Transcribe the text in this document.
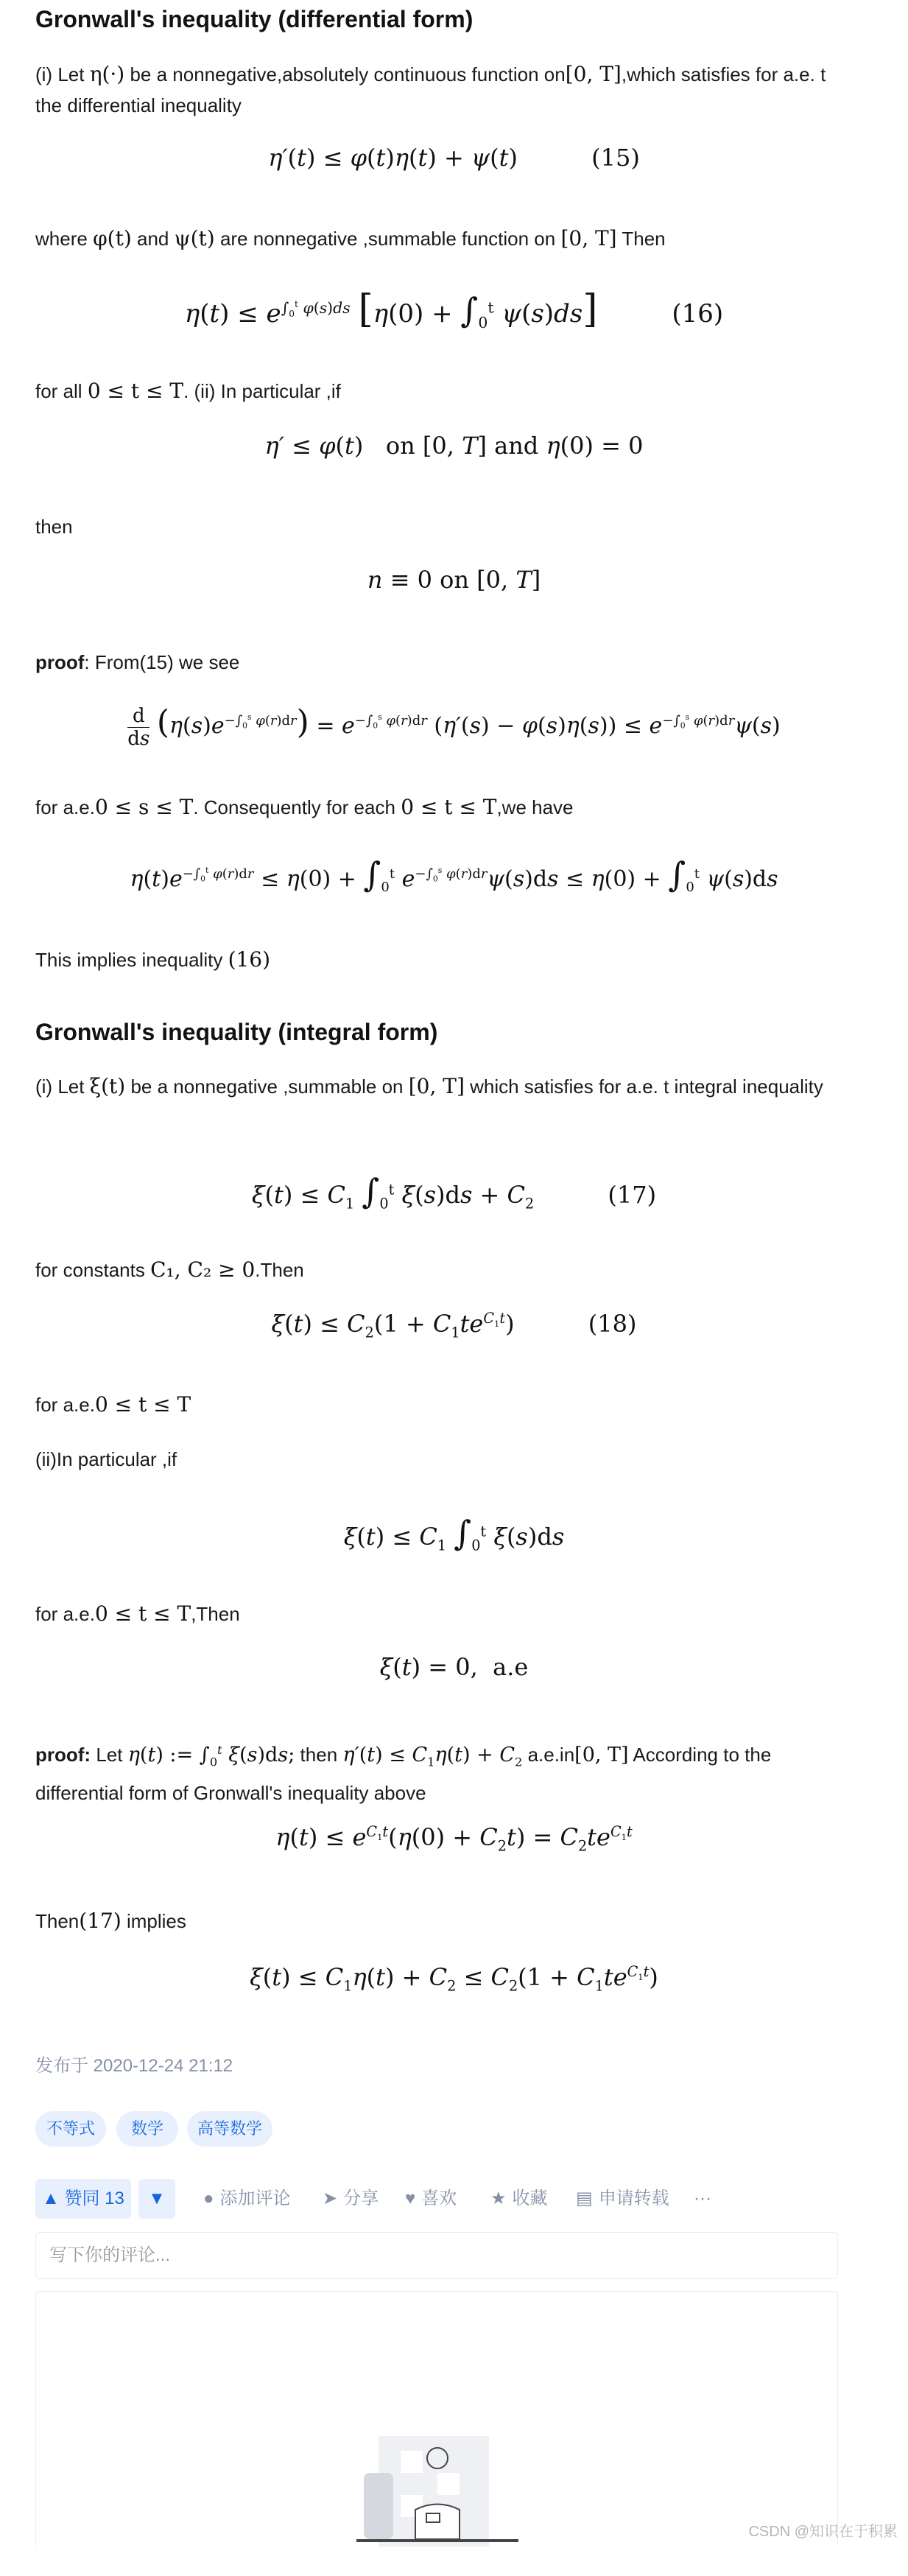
Gronwall's inequality (differential form)
(i) Let η(·) be a nonnegative,absolutely continuous function on[0, T],which satisfies for a.e. t the differential inequality
η′(t) ≤ φ(t)η(t) + ψ(t)	(15)
where φ(t) and ψ(t) are nonnegative ,summable function on [0, T] Then
$\eta(t) \le e^{\int_0^t \varphi(s)ds}$ [$\eta(0) + \int_0^t$ ψ(s)ds]	(16)
for all 0 ≤ t ≤ T. (ii) In particular ,if
η′ ≤ φ(t)   on [0, T] and η(0) = 0
then
n ≡ 0 on [0, T]
proof: From(15) we see
$\frac{d}{ds} (\eta(s)e^{-\int_0^s \varphi(r)dr}) = e^{-\int_0^s \varphi(r)dr}$ $(\eta'(s) - \varphi(s)\eta(s)) \le e^{-\int_0^s \varphi(r)dr}\psi(s)$
for a.e.0 ≤ s ≤ T. Consequently for each 0 ≤ t ≤ T,we have
$\eta(t)e^{-\int_0^t \varphi(r)dr} \le \eta(0) + \int_0^t$ $e^{-\int_0^s \varphi(r)dr}\psi(s)ds \le \eta(0) + \int_0^t$ ψ(s)ds
This implies inequality (16)
Gronwall's inequality (integral form)
(i) Let ξ(t) be a nonnegative ,summable on [0, T] which satisfies for a.e. t integral inequality
$\xi(t) \le C_1$ $\int_0^t$ $\xi(s)ds + C_2$	(17)
for constants C₁, C₂ ≥ 0.Then
$\xi(t) \le C_2(1 + C_1te^{C_1t})$	(18)
for a.e.0 ≤ t ≤ T
(ii)In particular ,if
$\xi(t) \le C_1$ $\int_0^t$ ξ(s)ds
for a.e.0 ≤ t ≤ T,Then
ξ(t) = 0,  a.e
proof: Let η(t) := $\int_0^t$ ξ(s)ds; then $\eta'(t) \le C_1\eta(t) + C_2$ a.e.in[0, T] According to the differential form of Gronwall's inequality above
$\eta(t) \le e^{C_1t}(\eta(0) + C_2t) = C_2te^{C_1t}$
Then(17) implies
$\xi(t) \le C_1\eta(t) + C_2 \le C_2(1 + C_1te^{C_1t})$
发布于 2020-12-24 21:12
不等式	数学	高等数学
▲ 赞同 13	▼	● 添加评论 ➤ 分享 ♥ 喜欢 ★ 收藏 ▤ 申请转载 ···
写下你的评论...
CSDN @知识在于积累
